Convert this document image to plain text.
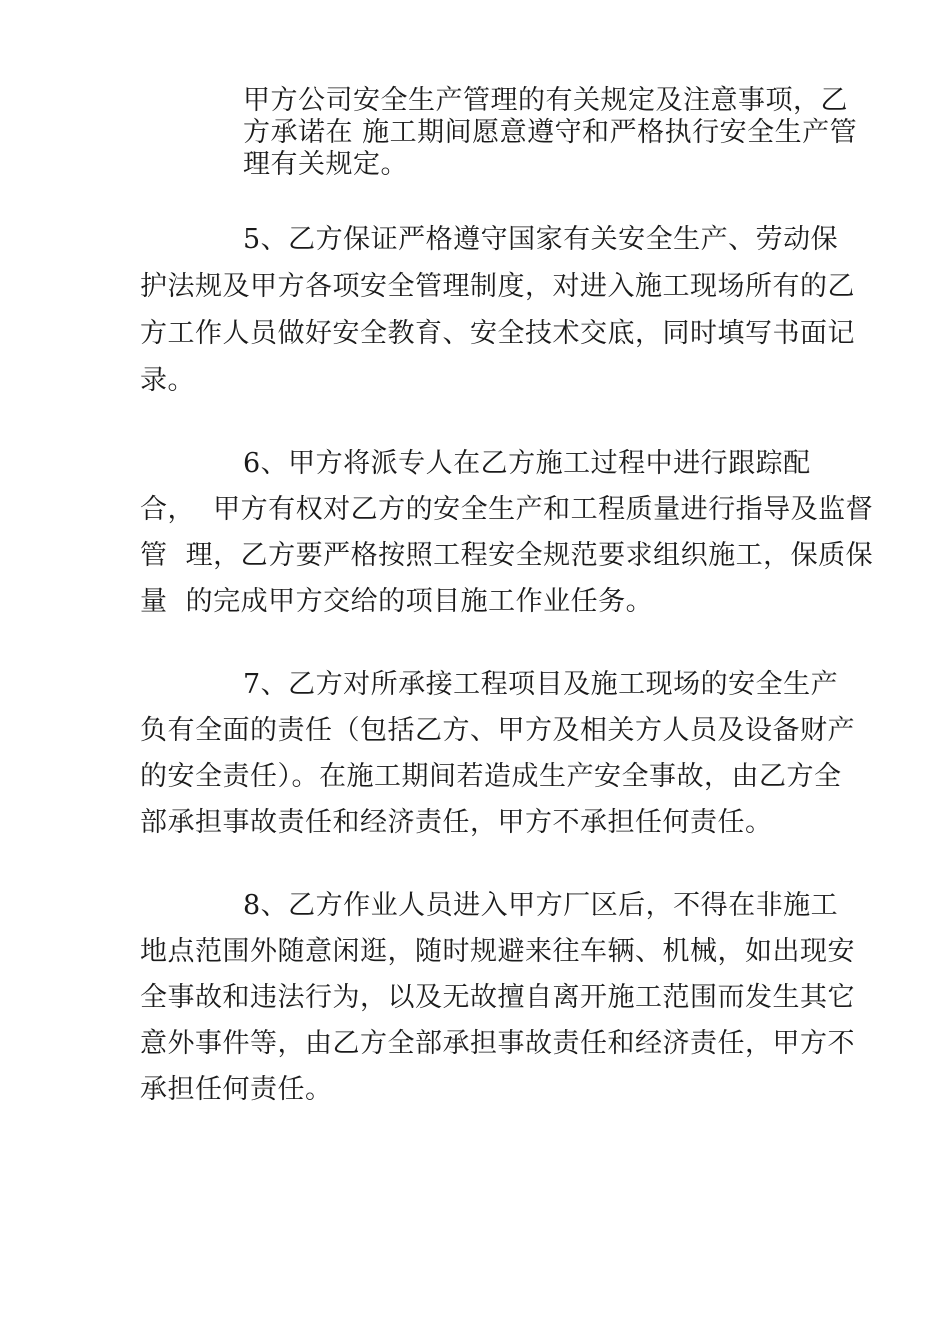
甲方公司安全生产管理的有关规定及注意事项，乙
方承诺在 施工期间愿意遵守和严格执行安全生产管
理有关规定。
5、乙方保证严格遵守国家有关安全生产、劳动保
护法规及甲方各项安全管理制度，对进入施工现场所有的乙
方工作人员做好安全教育、安全技术交底，同时填写书面记
录。
6、甲方将派专人在乙方施工过程中进行跟踪配
合，  甲方有权对乙方的安全生产和工程质量进行指导及监督
管  理，乙方要严格按照工程安全规范要求组织施工，保质保
量  的完成甲方交给的项目施工作业任务。
7、乙方对所承接工程项目及施工现场的安全生产
负有全面的责任（包括乙方、甲方及相关方人员及设备财产
的安全责任）。在施工期间若造成生产安全事故，由乙方全
部承担事故责任和经济责任，甲方不承担任何责任。
8、乙方作业人员进入甲方厂区后，不得在非施工
地点范围外随意闲逛，随时规避来往车辆、机械，如出现安
全事故和违法行为，以及无故擅自离开施工范围而发生其它
意外事件等，由乙方全部承担事故责任和经济责任，甲方不
承担任何责任。
